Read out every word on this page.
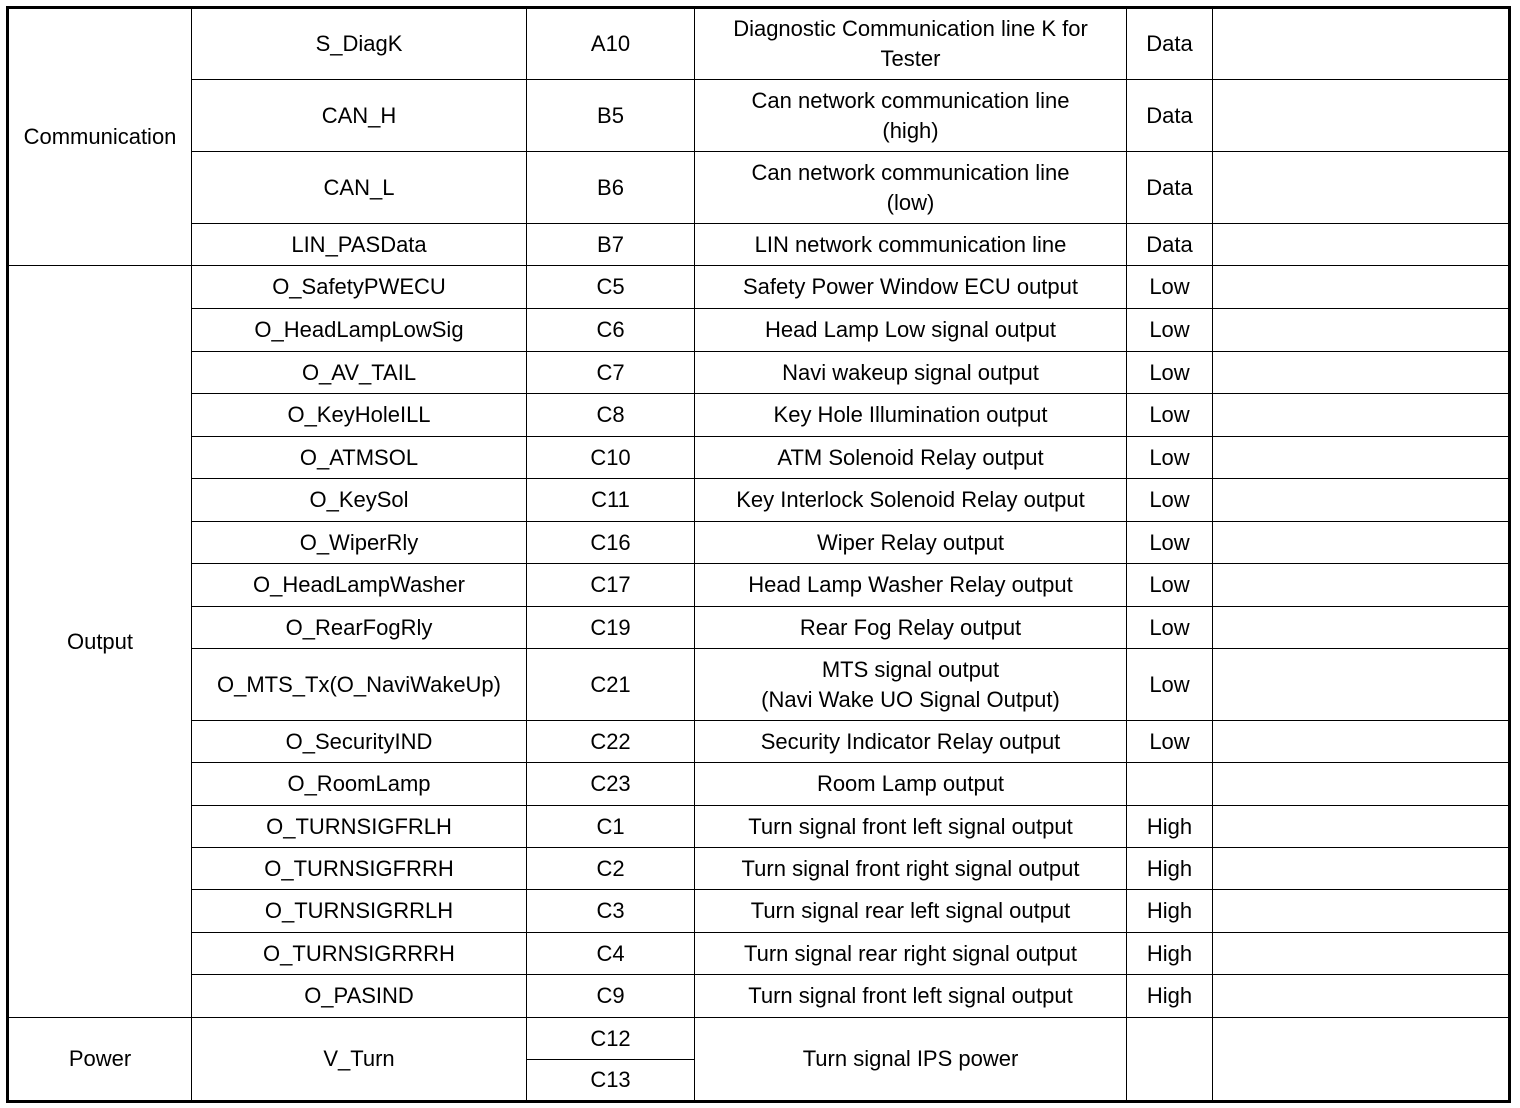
Communication	S_DiagK	A10	Diagnostic Communication line K for
Tester	Data	
	CAN_H	B5	Can network communication line
(high)	Data	
	CAN_L	B6	Can network communication line
(low)	Data	
	LIN_PASData	B7	LIN network communication line	Data	
Output	O_SafetyPWECU	C5	Safety Power Window ECU output	Low	
	O_HeadLampLowSig	C6	Head Lamp Low signal output	Low	
	O_AV_TAIL	C7	Navi wakeup signal output	Low	
	O_KeyHoleILL	C8	Key Hole Illumination output	Low	
	O_ATMSOL	C10	ATM Solenoid Relay output	Low	
	O_KeySol	C11	Key Interlock Solenoid Relay output	Low	
	O_WiperRly	C16	Wiper Relay output	Low	
	O_HeadLampWasher	C17	Head Lamp Washer Relay output	Low	
	O_RearFogRly	C19	Rear Fog Relay output	Low	
	O_MTS_Tx(O_NaviWakeUp)	C21	MTS signal output
(Navi Wake UO Signal Output)	Low	
	O_SecurityIND	C22	Security Indicator Relay output	Low	
	O_RoomLamp	C23	Room Lamp output		

	O_TURNSIGFRLH	C1	Turn signal front left signal output	High	
	O_TURNSIGFRRH	C2	Turn signal front right signal output	High	
	O_TURNSIGRRLH	C3	Turn signal rear left signal output	High	
	O_TURNSIGRRRH	C4	Turn signal rear right signal output	High	
	O_PASIND	C9	Turn signal front left signal output	High	
Power	V_Turn	C12	Turn signal IPS power		
		C13			
